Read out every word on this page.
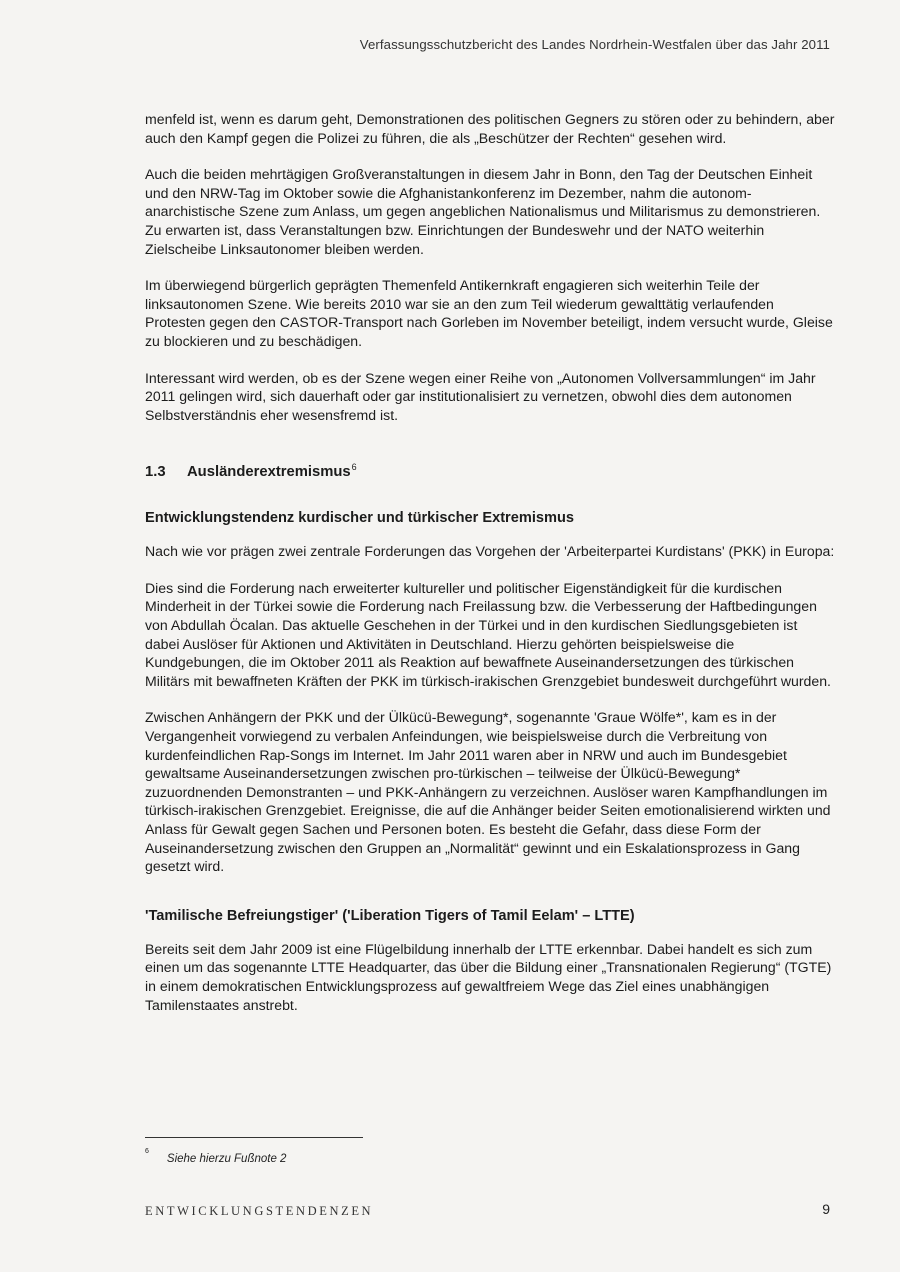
Verfassungsschutzbericht des Landes Nordrhein-Westfalen über das Jahr 2011

menfeld ist, wenn es darum geht, Demonstrationen des politischen Gegners zu stören oder zu behindern, aber auch den Kampf gegen die Polizei zu führen, die als „Beschützer der Rechten“ gesehen wird.

Auch die beiden mehrtägigen Großveranstaltungen in diesem Jahr in Bonn, den Tag der Deutschen Einheit und den NRW-Tag im Oktober sowie die Afghanistankonferenz im Dezember, nahm die autonom-anarchistische Szene zum Anlass, um gegen angeblichen Nationalismus und Militarismus zu demonstrieren. Zu erwarten ist, dass Veranstaltungen bzw. Einrichtungen der Bundeswehr und der NATO weiterhin Zielscheibe Linksautonomer bleiben werden.

Im überwiegend bürgerlich geprägten Themenfeld Antikernkraft engagieren sich weiterhin Teile der linksautonomen Szene. Wie bereits 2010 war sie an den zum Teil wiederum gewalttätig verlaufenden Protesten gegen den CASTOR-Transport nach Gorleben im November beteiligt, indem versucht wurde, Gleise zu blockieren und zu beschädigen.

Interessant wird werden, ob es der Szene wegen einer Reihe von „Autonomen Vollversammlungen“ im Jahr 2011 gelingen wird, sich dauerhaft oder gar institutionalisiert zu vernetzen, obwohl dies dem autonomen Selbstverständnis eher wesensfremd ist.

1.3	Ausländerextremismus$^6$
Entwicklungstendenz kurdischer und türkischer Extremismus

Nach wie vor prägen zwei zentrale Forderungen das Vorgehen der 'Arbeiterpartei Kurdistans' (PKK) in Europa:

Dies sind die Forderung nach erweiterter kultureller und politischer Eigenständigkeit für die kurdischen Minderheit in der Türkei sowie die Forderung nach Freilassung bzw. die Verbesserung der Haftbedingungen von Abdullah Öcalan. Das aktuelle Geschehen in der Türkei und in den kurdischen Siedlungsgebieten ist dabei Auslöser für Aktionen und Aktivitäten in Deutschland. Hierzu gehörten beispielsweise die Kundgebungen, die im Oktober 2011 als Reaktion auf bewaffnete Auseinandersetzungen des türkischen Militärs mit bewaffneten Kräften der PKK im türkisch-irakischen Grenzgebiet bundesweit durchgeführt wurden.

Zwischen Anhängern der PKK und der Ülkücü-Bewegung*, sogenannte 'Graue Wölfe*', kam es in der Vergangenheit vorwiegend zu verbalen Anfeindungen, wie beispielsweise durch die Verbreitung von kurdenfeindlichen Rap-Songs im Internet. Im Jahr 2011 waren aber in NRW und auch im Bundesgebiet gewaltsame Auseinandersetzungen zwischen pro-türkischen – teilweise der Ülkücü-Bewegung* zuzuordnenden Demonstranten – und PKK-Anhängern zu verzeichnen. Auslöser waren Kampfhandlungen im türkisch-irakischen Grenzgebiet. Ereignisse, die auf die Anhänger beider Seiten emotionalisierend wirkten und Anlass für Gewalt gegen Sachen und Personen boten. Es besteht die Gefahr, dass diese Form der Auseinandersetzung zwischen den Gruppen an „Normalität“ gewinnt und ein Eskalationsprozess in Gang gesetzt wird.

'Tamilische Befreiungstiger' ('Liberation Tigers of Tamil Eelam' – LTTE)

Bereits seit dem Jahr 2009 ist eine Flügelbildung innerhalb der LTTE erkennbar. Dabei handelt es sich zum einen um das sogenannte LTTE Headquarter, das über die Bildung einer „Transnationalen Regierung“ (TGTE) in einem demokratischen Entwicklungsprozess auf gewaltfreiem Wege das Ziel eines unabhängigen Tamilenstaates anstrebt.

$^6$Siehe hierzu Fußnote 2
ENTWICKLUNGSTENDENZEN	9
